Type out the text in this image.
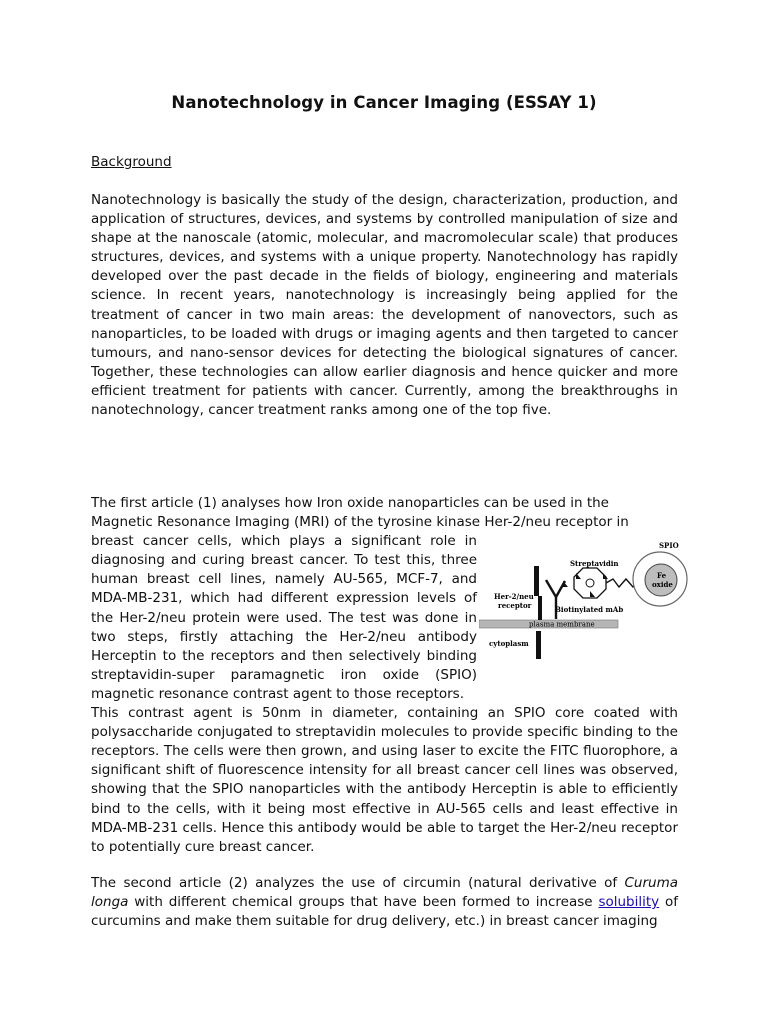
Nanotechnology in Cancer Imaging (ESSAY 1)

Background

Nanotechnology is basically the study of the design, characterization, production, and application of structures, devices, and systems by controlled manipulation of size and shape at the nanoscale (atomic, molecular, and macromolecular scale) that produces structures, devices, and systems with a unique property. Nanotechnology has rapidly developed over the past decade in the fields of biology, engineering and materials science. In recent years, nanotechnology is increasingly being applied for the treatment of cancer in two main areas: the development of nanovectors, such as nanoparticles, to be loaded with drugs or imaging agents and then targeted to cancer tumours, and nano-sensor devices for detecting the biological signatures of cancer. Together, these technologies can allow earlier diagnosis and hence quicker and more efficient treatment for patients with cancer. Currently, among the breakthroughs in nanotechnology, cancer treatment ranks among one of the top five.

The first article (1) analyses how Iron oxide nanoparticles can be used in the
Magnetic Resonance Imaging (MRI) of the tyrosine kinase Her-2/neu receptor in
breast cancer cells, which plays a significant role in diagnosing and curing breast cancer. To test this, three human breast cell lines, namely AU-565, MCF-7, and MDA-MB-231, which had different expression levels of the Her-2/neu protein were used. The test was done in two steps, firstly attaching the Her-2/neu antibody Herceptin to the receptors and then selectively binding streptavidin-super paramagnetic iron oxide (SPIO) magnetic resonance contrast agent to those receptors.
This contrast agent is 50nm in diameter, containing an SPIO core coated with polysaccharide conjugated to streptavidin molecules to provide specific binding to the receptors. The cells were then grown, and using laser to excite the FITC fluorophore, a significant shift of fluorescence intensity for all breast cancer cell lines was observed, showing that the SPIO nanoparticles with the antibody Herceptin is able to efficiently bind to the cells, with it being most effective in AU-565 cells and least effective in MDA-MB-231 cells. Hence this antibody would be able to target the Her-2/neu receptor to potentially cure breast cancer.
plasma membrane
Her-2/neu
receptor	Biotinylated mAb
Streptavidin
Fe
oxide
SPIO
cytoplasm

The second article (2) analyzes the use of circumin (natural derivative of Curuma longa with different chemical groups that have been formed to increase solubility of curcumins and make them suitable for drug delivery, etc.) in breast cancer imaging
